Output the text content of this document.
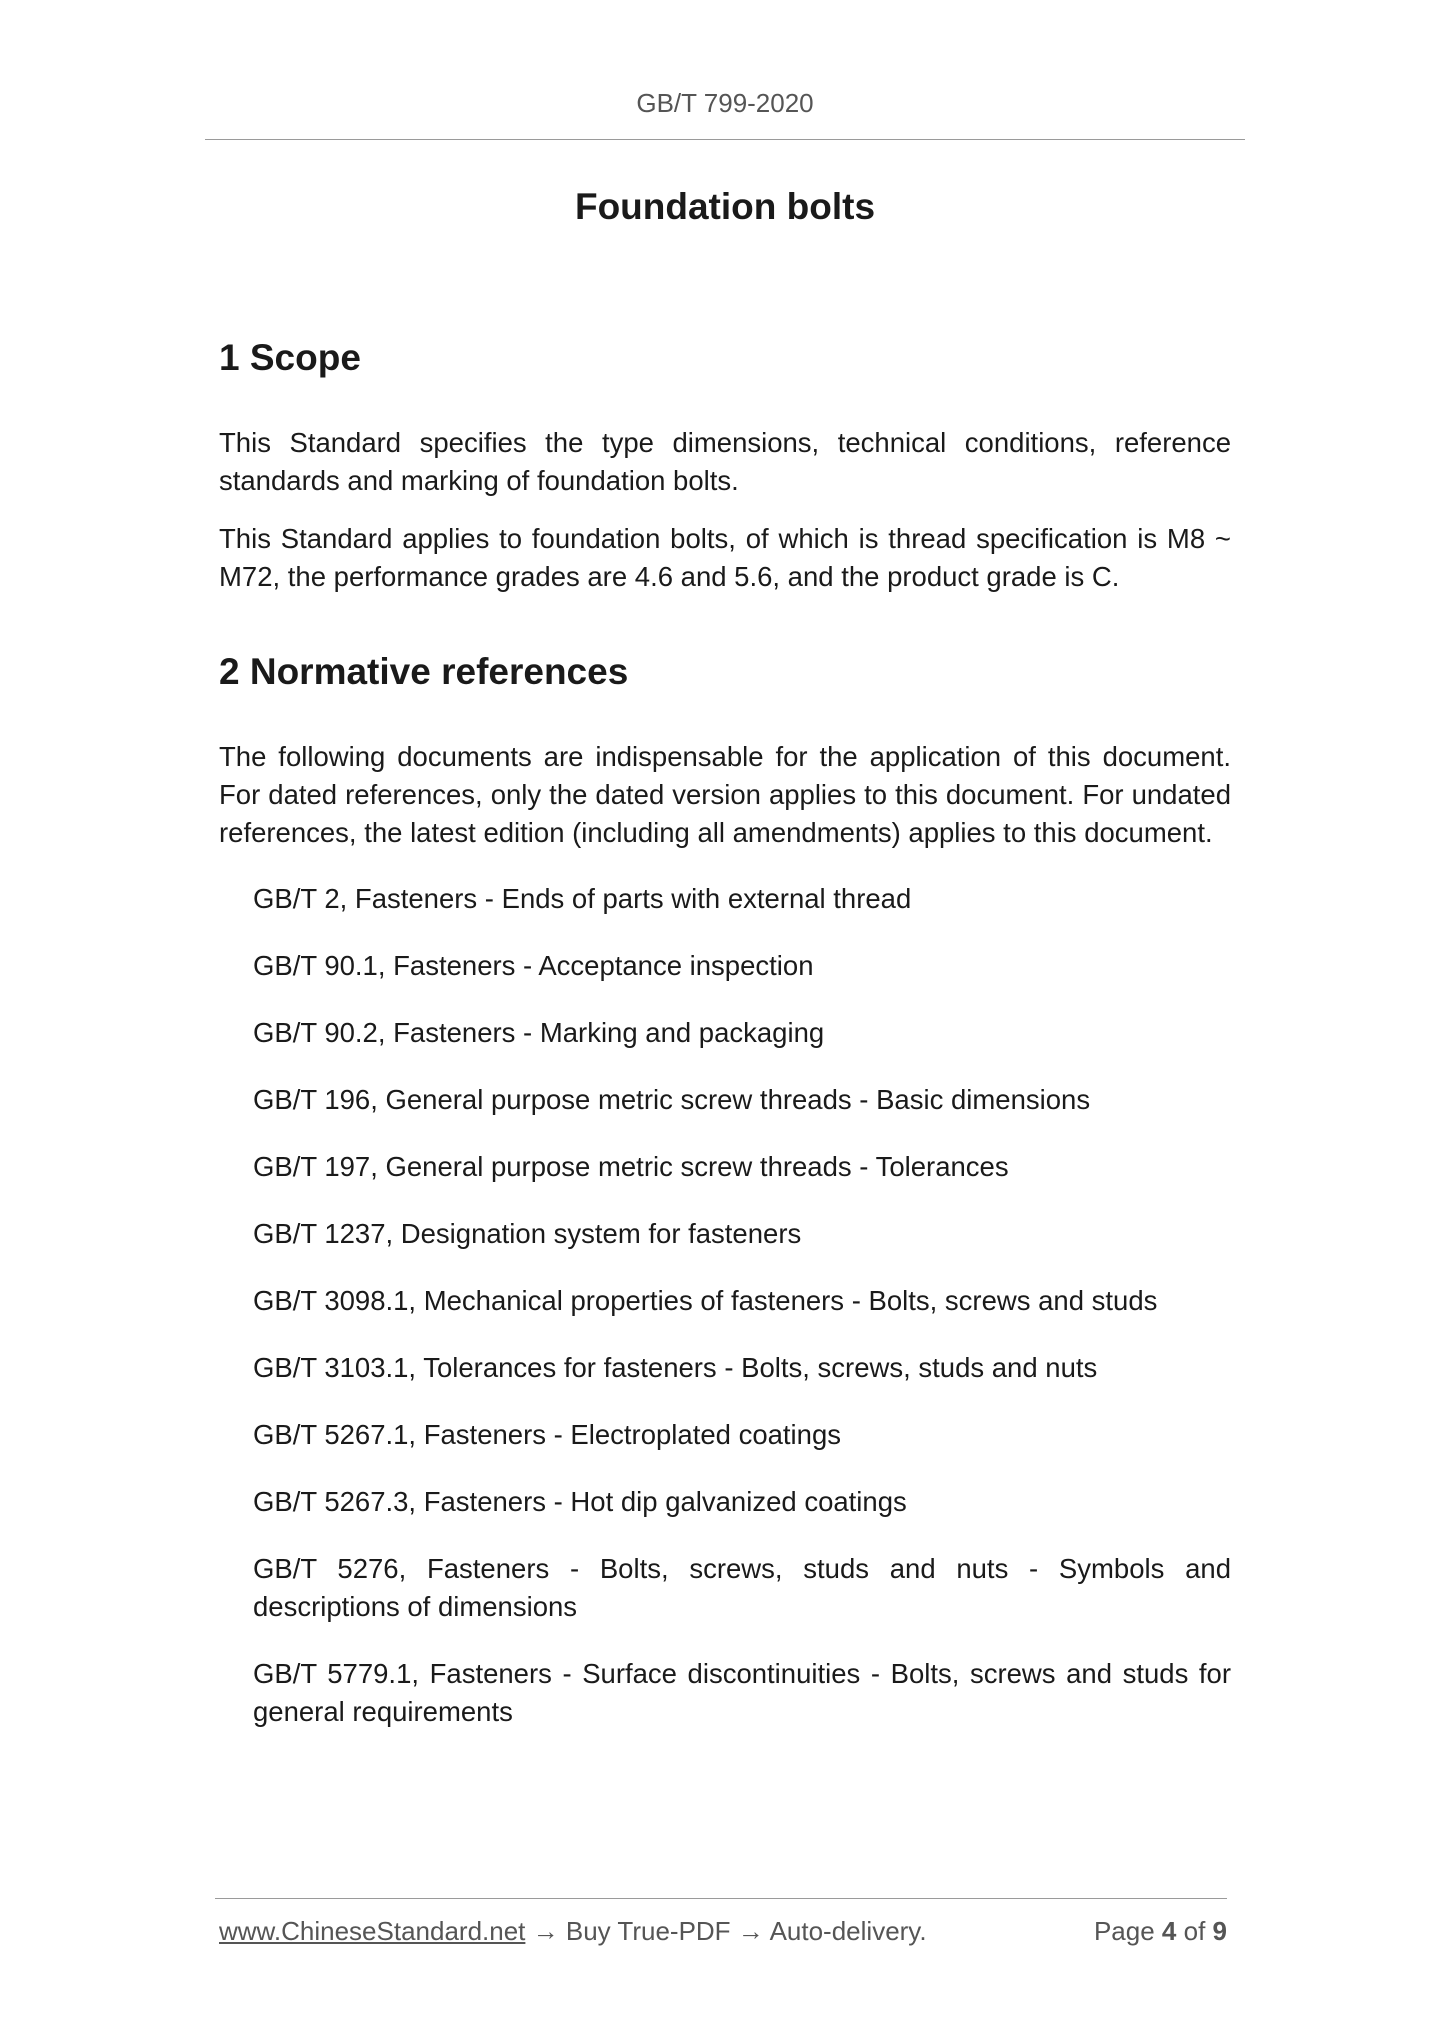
GB/T 799-2020
Foundation bolts
1 Scope

This Standard specifies the type dimensions, technical conditions, reference standards and marking of foundation bolts.

This Standard applies to foundation bolts, of which is thread specification is M8 ~ M72, the performance grades are 4.6 and 5.6, and the product grade is C.

2 Normative references

The following documents are indispensable for the application of this document. For dated references, only the dated version applies to this document. For undated references, the latest edition (including all amendments) applies to this document.

GB/T 2, Fasteners - Ends of parts with external thread
GB/T 90.1, Fasteners - Acceptance inspection
GB/T 90.2, Fasteners - Marking and packaging
GB/T 196, General purpose metric screw threads - Basic dimensions
GB/T 197, General purpose metric screw threads - Tolerances
GB/T 1237, Designation system for fasteners
GB/T 3098.1, Mechanical properties of fasteners - Bolts, screws and studs
GB/T 3103.1, Tolerances for fasteners - Bolts, screws, studs and nuts
GB/T 5267.1, Fasteners - Electroplated coatings
GB/T 5267.3, Fasteners - Hot dip galvanized coatings
GB/T 5276, Fasteners - Bolts, screws, studs and nuts - Symbols and descriptions of dimensions
GB/T 5779.1, Fasteners - Surface discontinuities - Bolts, screws and studs for general requirements
www.ChineseStandard.net → Buy True-PDF → Auto-delivery.	Page 4 of 9
